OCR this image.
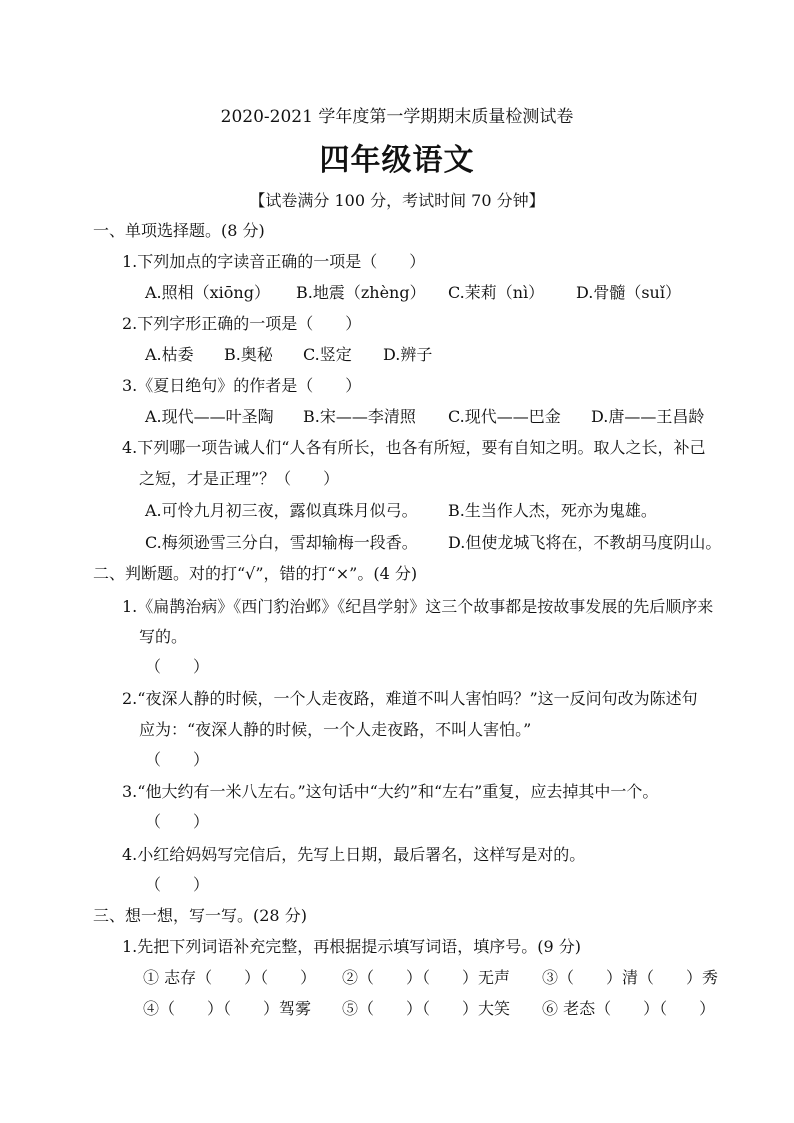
2020-2021 学年度第一学期期末质量检测试卷
四年级语文
【试卷满分 100 分，考试时间 70 分钟】
一、单项选择题。(8 分)
1.下列加点的字读音正确的一项是（　　）
A.照相（xiōng） B.地震（zhèng） C.茉莉（nì） D.骨髓（suǐ）
2.下列字形正确的一项是（　　）
A.枯委 B.奥秘 C.竖定 D.辨子
3.《夏日绝句》的作者是（　　）
A.现代——叶圣陶 B.宋——李清照 C.现代——巴金 D.唐——王昌龄
4.下列哪一项告诫人们“人各有所长，也各有所短，要有自知之明。取人之长，补己
之短，才是正理”？（　　）
A.可怜九月初三夜，露似真珠月似弓。 B.生当作人杰，死亦为鬼雄。
C.梅须逊雪三分白，雪却输梅一段香。 D.但使龙城飞将在，不教胡马度阴山。
二、判断题。对的打“√”，错的打“×”。(4 分)
1.《扁鹊治病》《西门豹治邺》《纪昌学射》这三个故事都是按故事发展的先后顺序来
写的。
（　　）
2.“夜深人静的时候，一个人走夜路，难道不叫人害怕吗？”这一反问句改为陈述句
应为：“夜深人静的时候，一个人走夜路，不叫人害怕。”
（　　）
3.“他大约有一米八左右。”这句话中“大约”和“左右”重复，应去掉其中一个。
（　　）
4.小红给妈妈写完信后，先写上日期，最后署名，这样写是对的。
（　　）
三、想一想，写一写。(28 分)
1.先把下列词语补充完整，再根据提示填写词语，填序号。(9 分)
① 志存（　　）（　　） ②（　　）（　　）无声 ③（　　）清（　　）秀
④（　　）（　　）驾雾 ⑤（　　）（　　）大笑 ⑥ 老态（　　）（　　）
